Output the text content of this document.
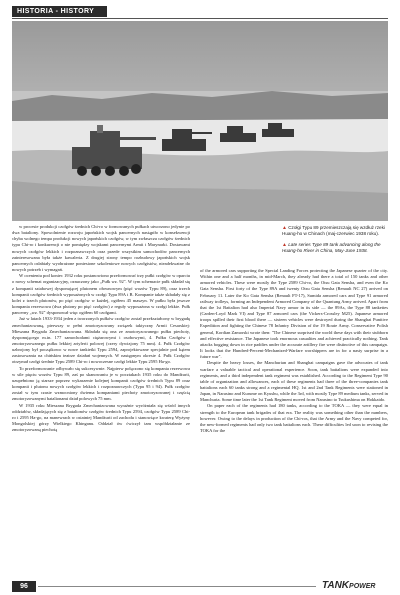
HISTORIA - HISTORY
▲ Czołgi Typu 89 przemieszczają się wzdłuż rzeki Huang-ho w Chinach (maj-czerwiec 1938 roku).
▲ Late series Type 89 tank advancing along the Huang-ho River in China, May-June 1938.

w procesie produkcji czołgów średnich Chi-ro w formowanych pułkach utworzono jedynie po dwa bataliony. Spowolnienie rozwoju japońskich wojsk pancernych nastąpiło w konsekwencji chyba wolnego tempa produkcji nowych japońskich czołgów, w tym zwłaszcza czołgów średnich typu Chi-ro i konkurencji o nie pomiędzy wojskami pancernymi Armii i Marynarki. Dostawami nowych czołgów lekkich i rozpoznawczych oraz przede wszystkim samochodów pancernych zainteresowana była także kawaleria. Z drugiej strony tempo rozbudowy japońskich wojsk pancernych osłabiały wyobrażone poniesione szkoleniowe nowych czołgistów, nieadekwatne do nowych potrzeb i wymagań.

W ocenieniu pod koniec 1932 roku postanowiono przeformować trzy pułki czołgów w oparciu o nowy schemat organizacyjny, oznaczony jako „Pułk wz. 92". W tym schemacie pułk składał się z kompanii sztabowej dysponującej plutonem ołownowym (pięć wozów Typu 89), oraz trzech kompanii czołgów średnich wyposażonych w czołgi Typu 89A i B. Kompanie także składały się z kolei z trzech plutonów, po pięć czołgów w każdej, ogółem 45 maszyn. W pułku była jeszcze kompania rezerwowa (dwa plutony po pięć czołgów) z reguły wyposażona w czołgi lekkie. Pułk pancerny „wz. 92" dysponował więc ogółem 60 czołgami.

Już w latach 1933-1934 jeden z tworzonych pułków czołgów został przekształcony w brygadę zmechanizowaną, pierwszy w pełni zmotoryzowany związek taktyczny Armii Cesarskiej: Mieszana Brygada Zmechanizowana. Składała się ona ze zmotoryzowanego pułku piechoty, dysponującego m.in. 177 samochodami ciężarowymi i osobowymi, 4. Pułku Czołgów i zmotoryzowanego pułku lekkiej artylerii polowej (czery dywizjony 75 mm). 4. Pułk Czołgów uzbrojony był początkowo w nowe tankietki Typu 2594, zaprojektowane specjalnie pod kątem zastosowania na chińskim teatrze działań wojennych. W następnym okresie 4. Pułk Czołgów otrzymał czołgi średnie Typu 2589 Chi-ro i nowoczesne czołgi lekkie Typu 2595 Ha-go.

To przeformowanie odbywało się sukcesywnie. Najpierw połączono się kompania rezerwowa w sile pięciu wozów Typu 89, zaś po skanowaniu je w pocztakach 1935 roku do Mandżurii, uzupełniono ją starsze poprzez wykaszenie kolejnej kompanii czołgów średnich Typu 89 oraz kompanii i plutonu nowych czołgów lekkich i rozpoznawczych (Typu 95 i 94). Pułk czołgów został w tym czasie wzmocniony dwiema kompaniami piechoty zmotoryzowanej i częścią zmotoryzowanymi batalionami dział polowych 75 mm.

W 1935 roku Mieszana Brygada Zmechanizowana wyraźnie wyróżniała się wśród innych oddziałów, składających się z batalionów czołgów średnich Typu 2594, czołgów Typu 2589 Chi-ro i 2595 Ha-go, na manewrach w ostatniej Mandżurii od zachodu i stanowiące kwaterę Wyżyny Mongolskiej górzy Wielkiego Khinganu. Oddział ów ćwiczył tam współdziałanie ze zmotoryzowaną piechotą

of the armored cars supporting the Special Landing Forces protecting the Japanese quarter of the city. Within one and a half months, in mid-March, they already had there a total of 150 tanks and other armored vehicles. These were mostly the Type 2589 Chi-ro, the Otsu Gata Sensha, and even the Ko Gata Sensha. First forty of the Type 89A and twenty Otsu Gata Sensha (Renault NC 27) arrived on February 11. Later the Ko Gata Sensha (Renault FT-17), Sumida armored cars and Type 91 armored railway trolleys, forming an Independent Armored Company of the Quantung Army arrived. Apart from that the 1st Battalion had also Imperial Navy armor in its side — the 89As, the Type 88 tankettes (Carden-Loyd Mark VI) and Type 87 armored cars (the Vickers-Crossley M25). Japanese armored troops spilled their first blood there — sixteen vehicles were destroyed during the Shanghai Punitive Expedition and fighting the Chinese 78 Infantry Division of the 19 Route Army. Conservative Polish general, Kordian Zamorski wrote then: "The Chinese surprised the world these days with their stubborn and effective resistance. The Japanese took enormous casualties and achieved practically nothing. Tank attacks bogging down in rice paddies under the accurate artillery fire were distinctive of this campaign. It looks that the Hundred-Percent-Mechanized-Warfare worshippers are in for a nasty surprise in a future war".

Despite the heavy losses, the Manchurian and Shanghai campaigns gave the advocates of tank warfare a valuable tactical and operational experience. Soon, tank battalions were expanded into regiments, and a third independent tank regiment was established. According to the Regiment Type 90 table of organization and allowances, each of these regiments had three of the three-companies tank battalions each 60 tanks strong and a regimental HQ. 1st and 2nd Tank Regiments were stationed in Japan, in Narasino and Kurume on Kyushu, while the 3rd, with mostly Type 89 medium tanks, served in Manchuria. Some time later the 1st Tank Regiment moved from Narasino to Tsukushima on Hokkaido.

On paper each of the regiments had 180 tanks, according to the TOKA — they were equal in strength to the European tank brigades of that era. The reality was something other than the numbers, however. Owing to the delays in production of the Chi-ros, that the Army and the Navy competed for, the new-formed regiments had only two tank battalions each. These difficulties led soon to revising the TOKA for the

96	TANKPOWER
